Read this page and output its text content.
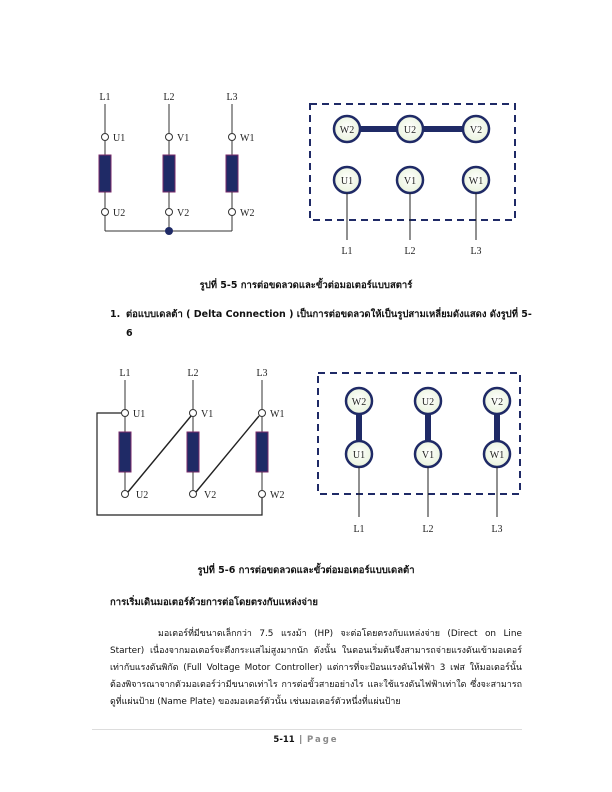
L1	L2	L3
U1	V1	W1
U2	V2	W2
W2	U2	V2
U1	V1	W1
L1	L2	L3
L1	L2	L3
U1	V1	W1
U2	V2	W2
W2	U2	V2
U1	V1	W1
L1	L2	L3

รูปที่ 5-5 การต่อขดลวดและขั้วต่อมอเตอร์แบบสตาร์

1. ต่อแบบเดลต้า ( Delta Connection ) เป็นการต่อขดลวดให้เป็นรูปสามเหลี่ยมดังแสดง ดังรูปที่ 5-6

รูปที่ 5-6 การต่อขดลวดและขั้วต่อมอเตอร์แบบเดลต้า

การเริ่มเดินมอเตอร์ด้วยการต่อโดยตรงกับแหล่งจ่าย

มอเตอร์ที่มีขนาดเล็กกว่า 7.5 แรงม้า (HP) จะต่อโดยตรงกับแหล่งจ่าย (Direct on Line Starter) เนื่องจากมอเตอร์จะดึงกระแสไม่สูงมากนัก ดังนั้น ในตอนเริ่มต้นจึงสามารถจ่ายแรงดันเข้ามอเตอร์เท่ากับแรงดันพิกัด (Full Voltage Motor Controller) แต่การที่จะป้อนแรงดันไฟฟ้า 3 เฟส ให้มอเตอร์นั้นต้องพิจารณาจากตัวมอเตอร์ว่ามีขนาดเท่าไร การต่อขั้วสายอย่างไร และใช้แรงดันไฟฟ้าเท่าใด ซึ่งจะสามารถดูที่แผ่นป้าย (Name Plate) ของมอเตอร์ตัวนั้น เช่นมอเตอร์ตัวหนึ่งที่แผ่นป้าย

5-11 | Page
